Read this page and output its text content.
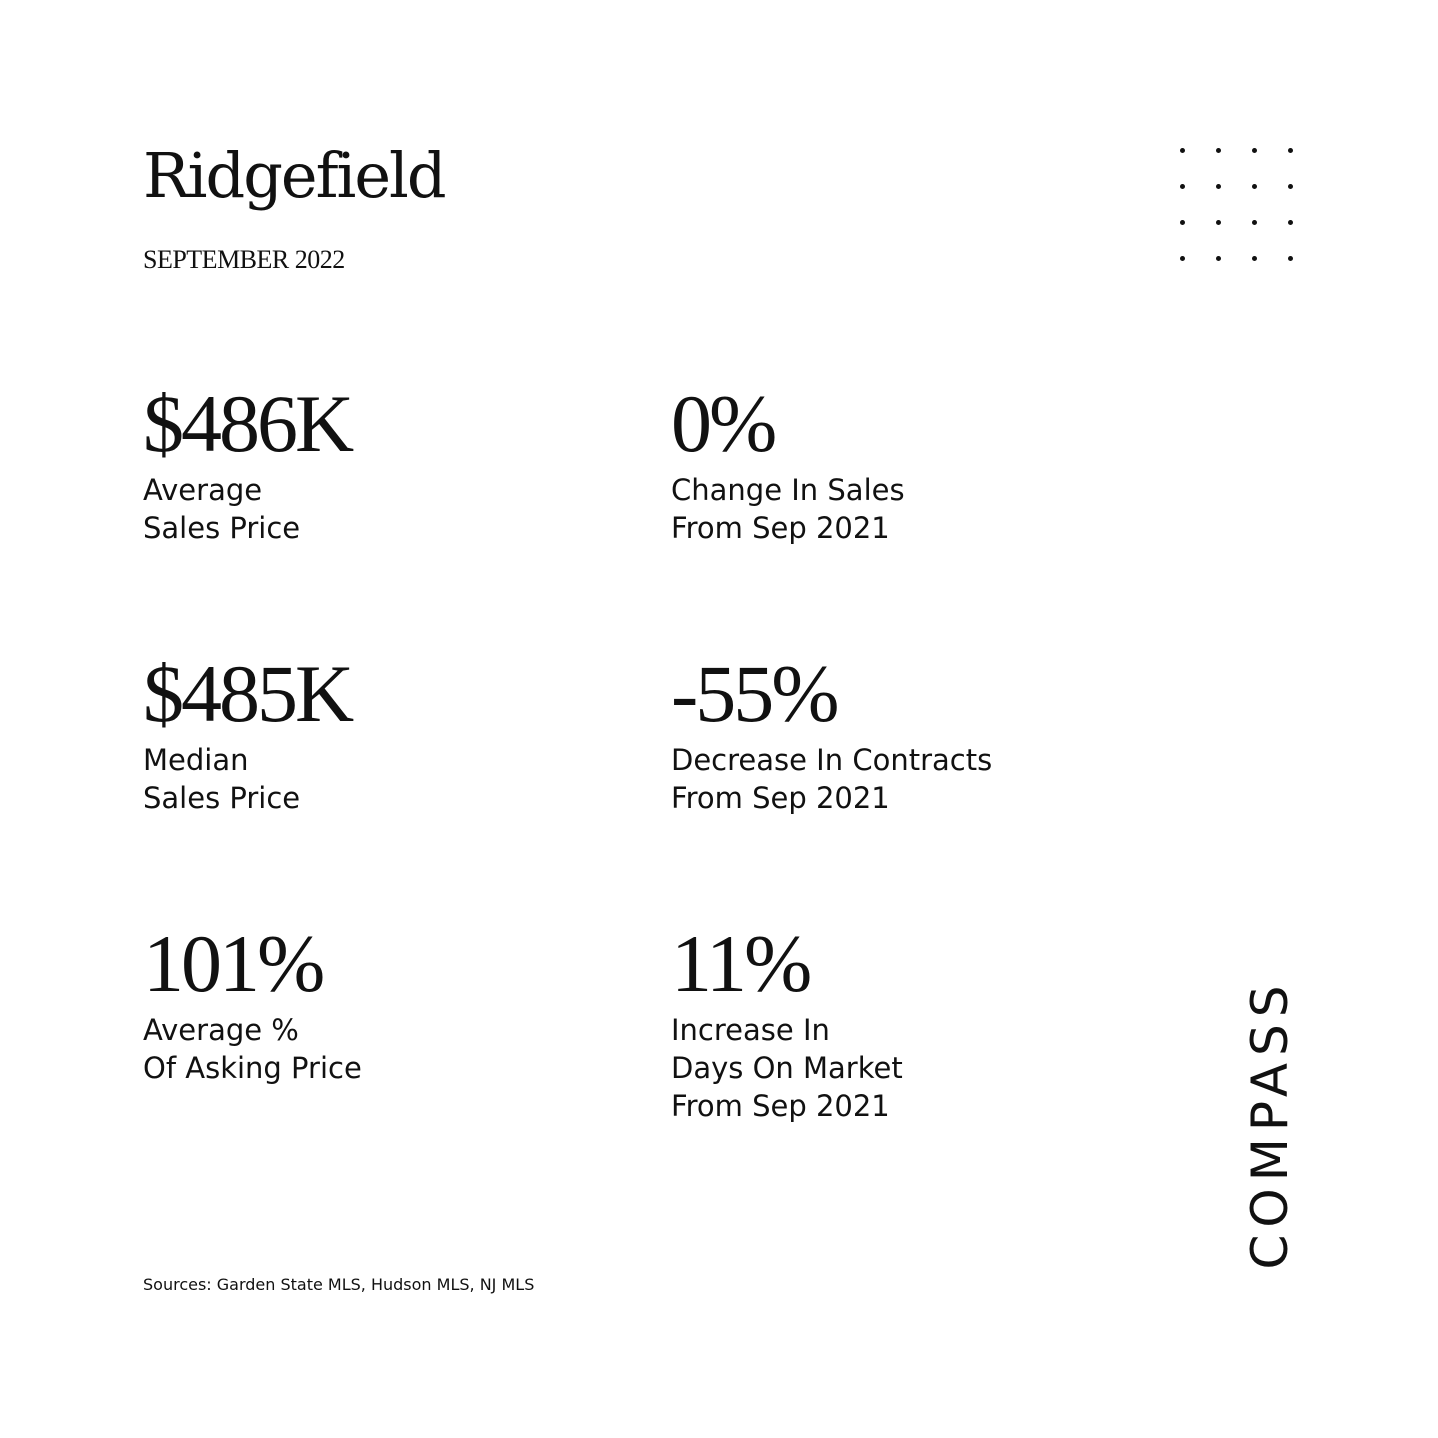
Ridgefield
SEPTEMBER 2022
$486K
Average
Sales Price
0%
Change In Sales
From Sep 2021
$485K
Median
Sales Price
-55%
Decrease In Contracts
From Sep 2021
101%
Average %
Of Asking Price
11%
Increase In
Days On Market
From Sep 2021
Sources: Garden State MLS, Hudson MLS, NJ MLS
COMPASS
